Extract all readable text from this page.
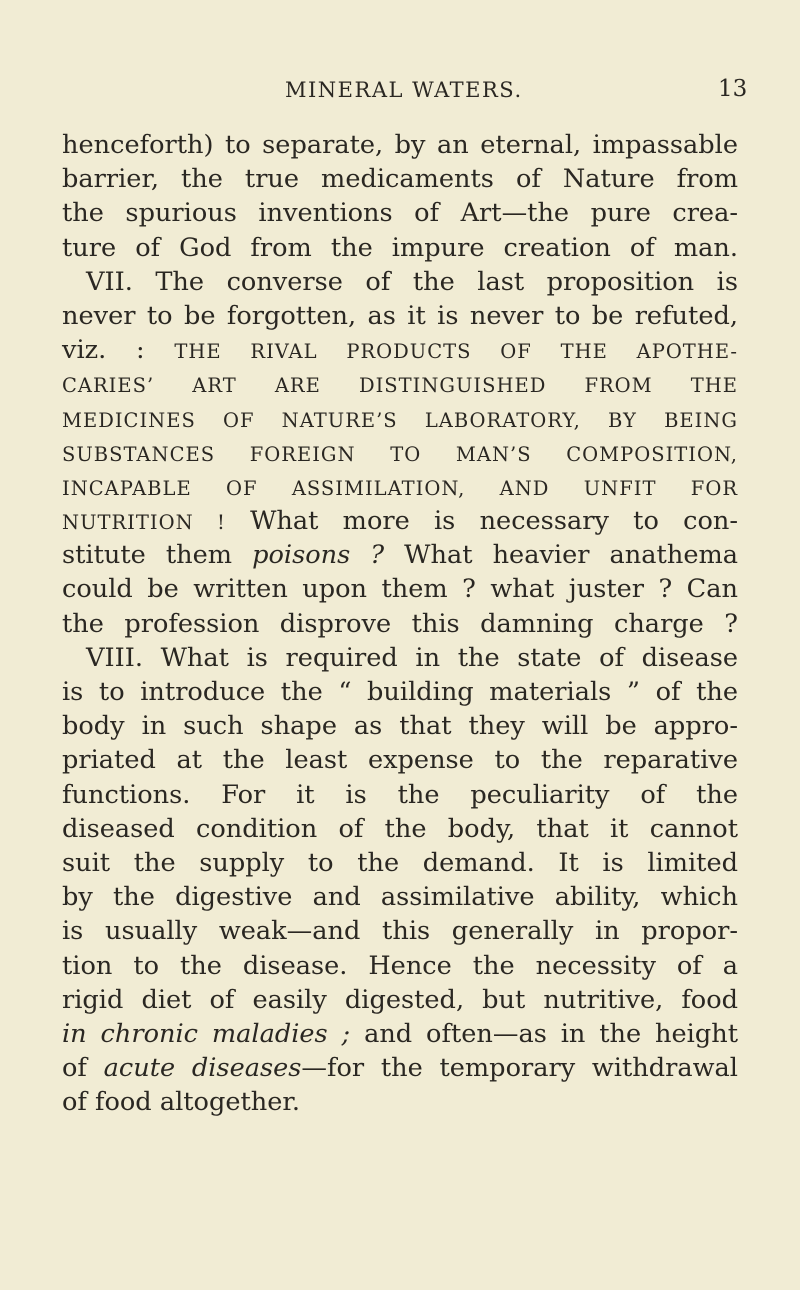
MINERAL WATERS.	13
henceforth) to separate, by an eternal, impassable
barrier, the true medicaments of Nature from
the spurious inventions of Art—the pure crea-
ture of God from the impure creation of man.
VII. The converse of the last proposition is
never to be forgotten, as it is never to be refuted,
viz. : THE RIVAL PRODUCTS OF THE APOTHE-
CARIES’ ART ARE DISTINGUISHED FROM THE
MEDICINES OF NATURE’S LABORATORY, BY BEING
SUBSTANCES FOREIGN TO MAN’S COMPOSITION,
INCAPABLE OF ASSIMILATION, AND UNFIT FOR
NUTRITION ! What more is necessary to con-
stitute them poisons ? What heavier anathema
could be written upon them ? what juster ? Can
the profession disprove this damning charge ?
VIII. What is required in the state of disease
is to introduce the “ building materials ” of the
body in such shape as that they will be appro-
priated at the least expense to the reparative
functions. For it is the peculiarity of the
diseased condition of the body, that it cannot
suit the supply to the demand. It is limited
by the digestive and assimilative ability, which
is usually weak—and this generally in propor-
tion to the disease. Hence the necessity of a
rigid diet of easily digested, but nutritive, food
in chronic maladies ; and often—as in the height
of acute diseases—for the temporary withdrawal
of food altogether.
